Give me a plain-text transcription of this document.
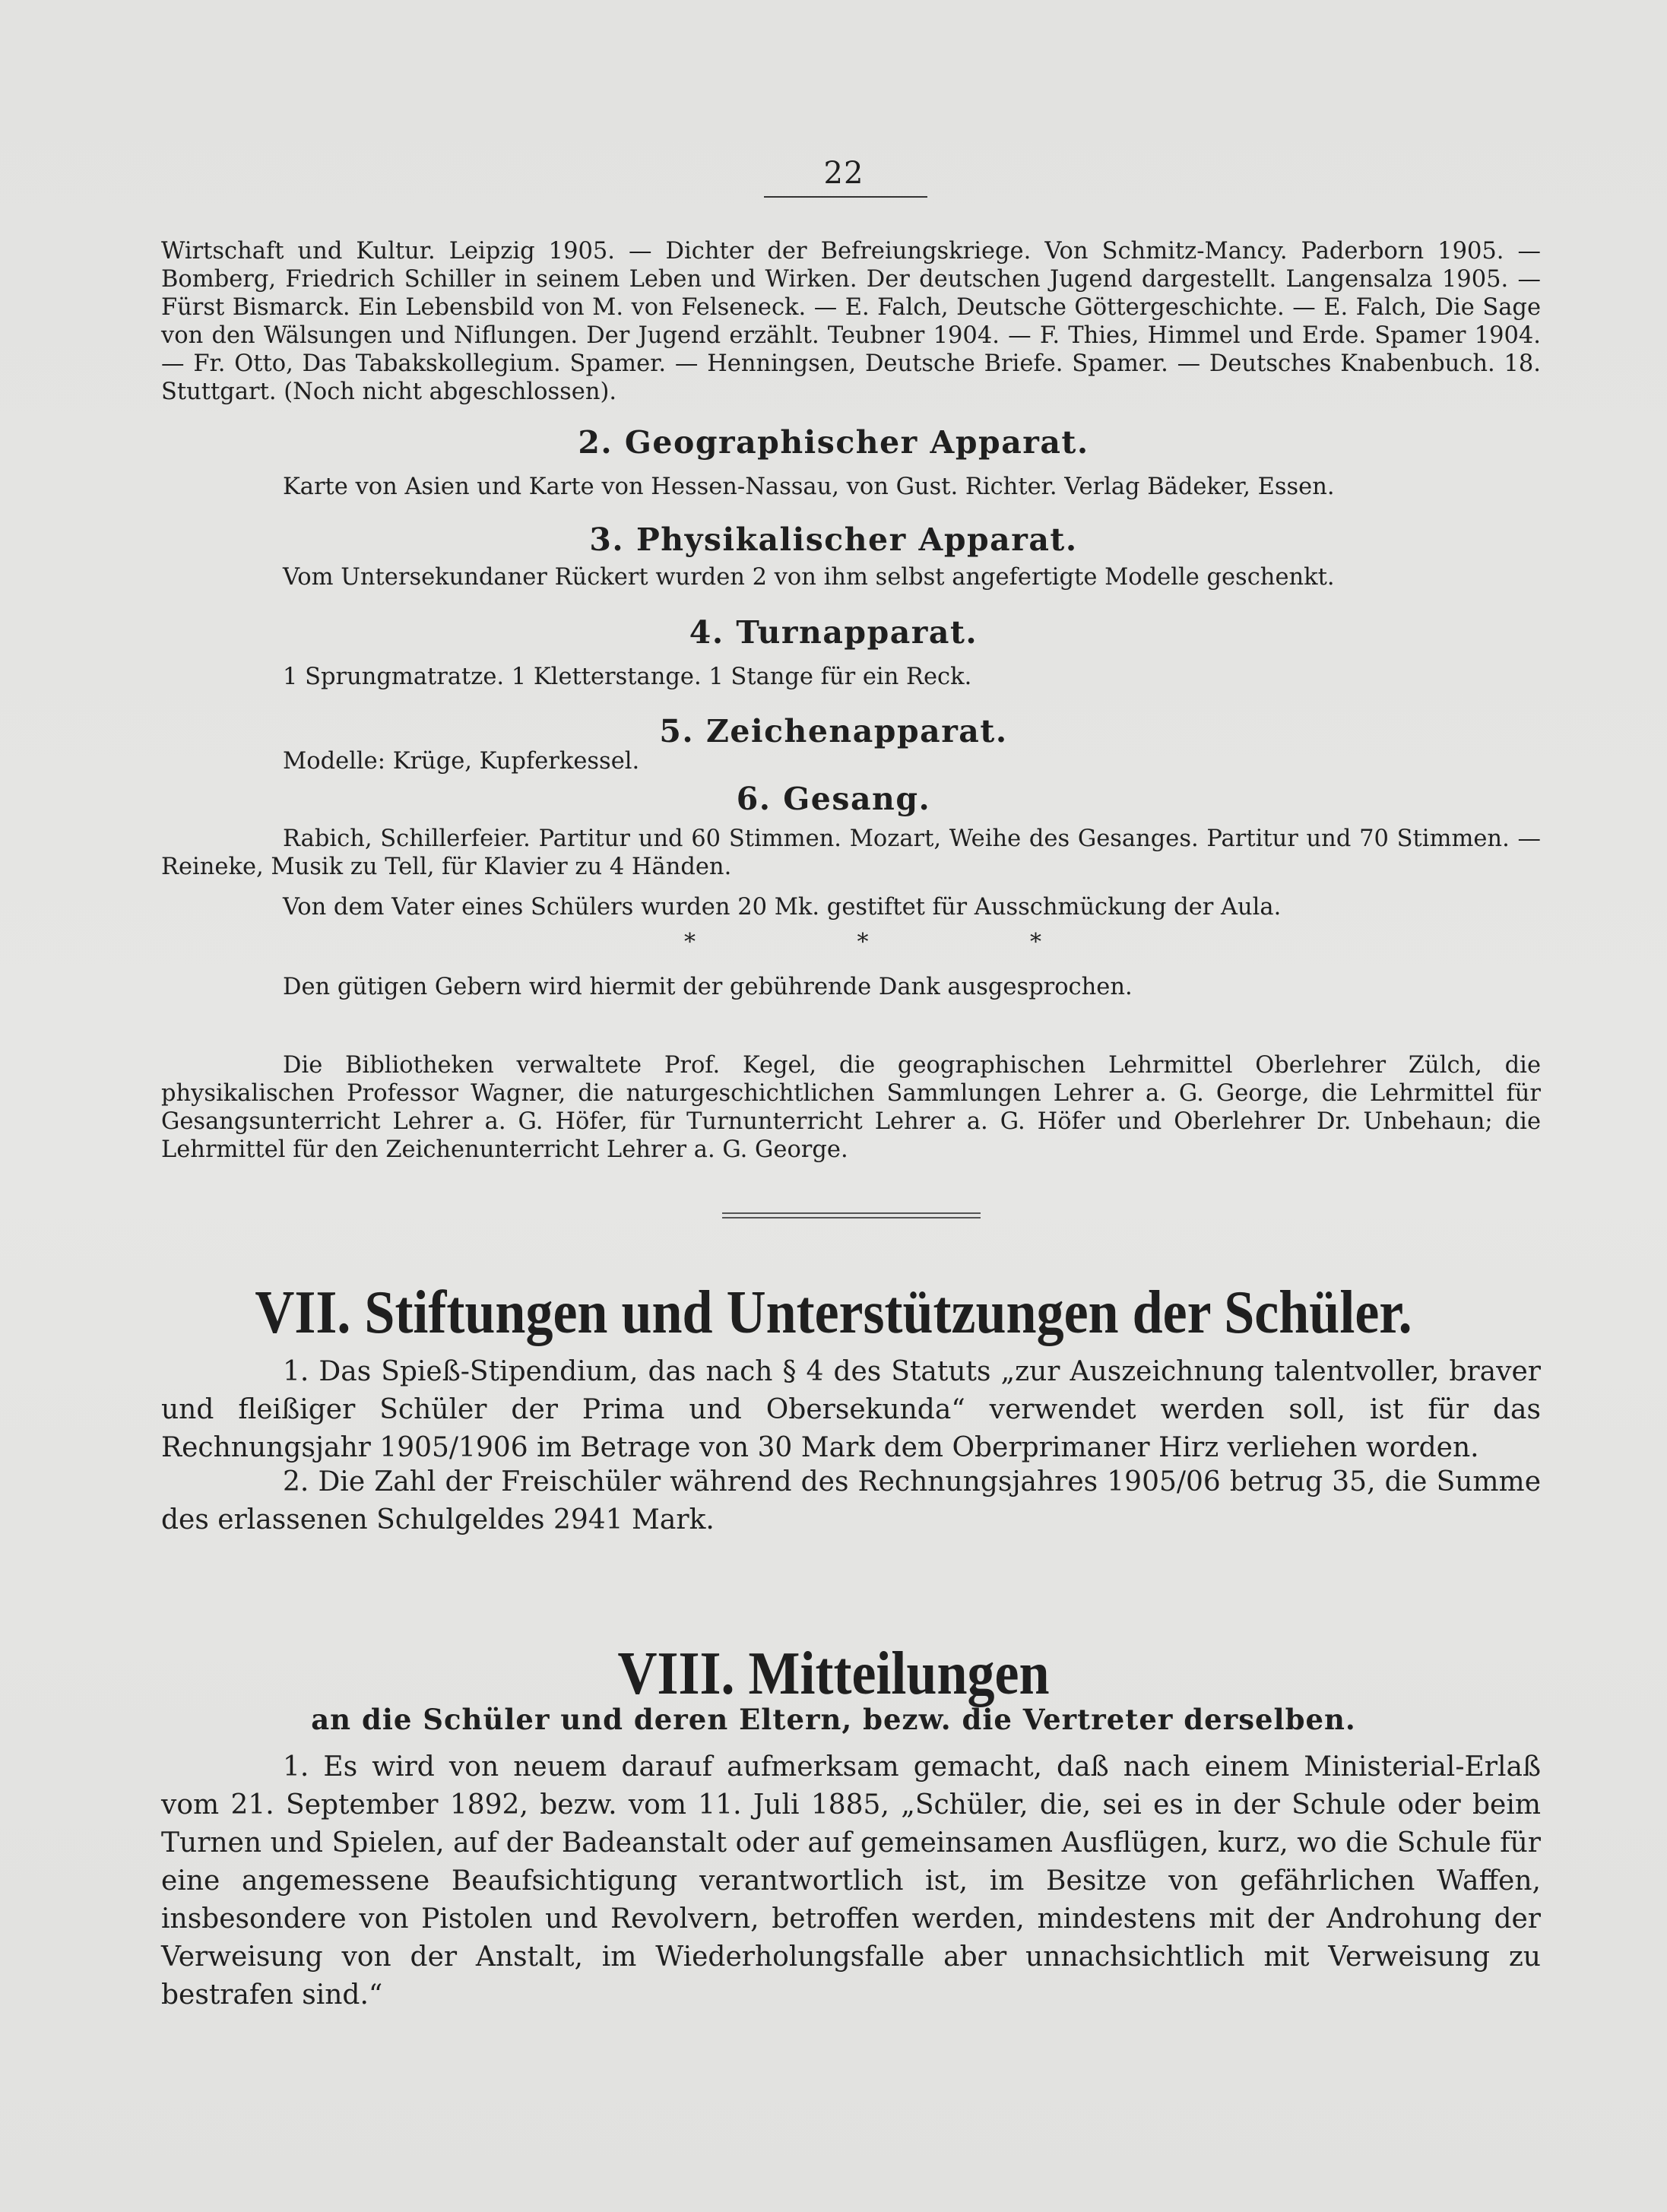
22
Wirtschaft und Kultur. Leipzig 1905. — Dichter der Befreiungskriege. Von Schmitz-Mancy. Paderborn 1905. — Bomberg, Friedrich Schiller in seinem Leben und Wirken. Der deutschen Jugend dargestellt. Langensalza 1905. — Fürst Bismarck. Ein Lebensbild von M. von Felseneck. — E. Falch, Deutsche Göttergeschichte. — E. Falch, Die Sage von den Wälsungen und Niflungen. Der Jugend erzählt. Teubner 1904. — F. Thies, Himmel und Erde. Spamer 1904. — Fr. Otto, Das Tabakskollegium. Spamer. — Henningsen, Deutsche Briefe. Spamer. — Deutsches Knabenbuch. 18. Stuttgart. (Noch nicht abgeschlossen).
2. Geographischer Apparat.
Karte von Asien und Karte von Hessen-Nassau, von Gust. Richter. Verlag Bädeker, Essen.
3. Physikalischer Apparat.
Vom Untersekundaner Rückert wurden 2 von ihm selbst angefertigte Modelle geschenkt.
4. Turnapparat.
1 Sprungmatratze. 1 Kletterstange. 1 Stange für ein Reck.
5. Zeichenapparat.
Modelle: Krüge, Kupferkessel.
6. Gesang.
Rabich, Schillerfeier. Partitur und 60 Stimmen. Mozart, Weihe des Gesanges. Partitur und 70 Stimmen. — Reineke, Musik zu Tell, für Klavier zu 4 Händen.
Von dem Vater eines Schülers wurden 20 Mk. gestiftet für Ausschmückung der Aula.
*	*	*
Den gütigen Gebern wird hiermit der gebührende Dank ausgesprochen.
Die Bibliotheken verwaltete Prof. Kegel, die geographischen Lehrmittel Oberlehrer Zülch, die physikalischen Professor Wagner, die naturgeschichtlichen Sammlungen Lehrer a. G. George, die Lehrmittel für Gesangsunterricht Lehrer a. G. Höfer, für Turnunterricht Lehrer a. G. Höfer und Oberlehrer Dr. Unbehaun; die Lehrmittel für den Zeichenunterricht Lehrer a. G. George.
VII. Stiftungen und Unterstützungen der Schüler.
1. Das Spieß-Stipendium, das nach § 4 des Statuts „zur Auszeichnung talentvoller, braver und fleißiger Schüler der Prima und Obersekunda“ verwendet werden soll, ist für das Rechnungsjahr 1905/1906 im Betrage von 30 Mark dem Oberprimaner Hirz verliehen worden.
2. Die Zahl der Freischüler während des Rechnungsjahres 1905/06 betrug 35, die Summe des erlassenen Schulgeldes 2941 Mark.
VIII. Mitteilungen
an die Schüler und deren Eltern, bezw. die Vertreter derselben.
1. Es wird von neuem darauf aufmerksam gemacht, daß nach einem Ministerial-Erlaß vom 21. September 1892, bezw. vom 11. Juli 1885, „Schüler, die, sei es in der Schule oder beim Turnen und Spielen, auf der Badeanstalt oder auf gemeinsamen Ausflügen, kurz, wo die Schule für eine angemessene Beaufsichtigung verantwortlich ist, im Besitze von gefährlichen Waffen, insbesondere von Pistolen und Revolvern, betroffen werden, mindestens mit der Androhung der Verweisung von der Anstalt, im Wiederholungsfalle aber unnachsichtlich mit Verweisung zu bestrafen sind.“
